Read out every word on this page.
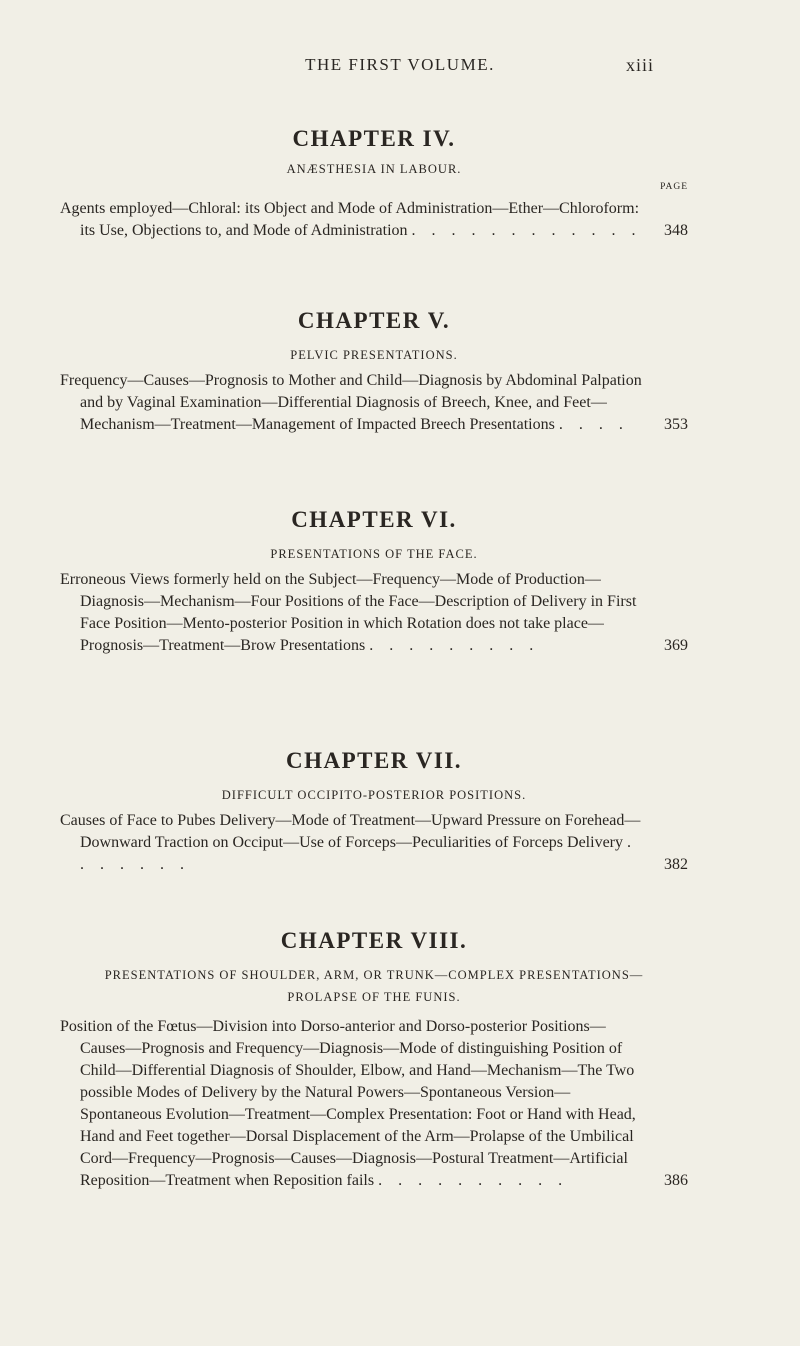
THE FIRST VOLUME.	xiii
CHAPTER IV.
ANÆSTHESIA IN LABOUR.
PAGE

Agents employed—Chloral: its Object and Mode of Administration—Ether—Chloroform: its Use, Objections to, and Mode of Administration . . . . . . . . . . . .	348

CHAPTER V.
PELVIC PRESENTATIONS.

Frequency—Causes—Prognosis to Mother and Child—Diagnosis by Abdominal Palpation and by Vaginal Examination—Differential Diagnosis of Breech, Knee, and Feet—Mechanism—Treatment—Management of Impacted Breech Presentations . . . .	353

CHAPTER VI.
PRESENTATIONS OF THE FACE.

Erroneous Views formerly held on the Subject—Frequency—Mode of Production—Diagnosis—Mechanism—Four Positions of the Face—Description of Delivery in First Face Position—Mento-posterior Position in which Rotation does not take place—Prognosis—Treatment—Brow Presentations . . . . . . . . .	369

CHAPTER VII.
DIFFICULT OCCIPITO-POSTERIOR POSITIONS.

Causes of Face to Pubes Delivery—Mode of Treatment—Upward Pressure on Forehead—Downward Traction on Occiput—Use of Forceps—Peculiarities of Forceps Delivery . . . . . . .	382

CHAPTER VIII.
PRESENTATIONS OF SHOULDER, ARM, OR TRUNK—COMPLEX PRESENTATIONS—PROLAPSE OF THE FUNIS.

Position of the Fœtus—Division into Dorso-anterior and Dorso-posterior Positions—Causes—Prognosis and Frequency—Diagnosis—Mode of distinguishing Position of Child—Differential Diagnosis of Shoulder, Elbow, and Hand—Mechanism—The Two possible Modes of Delivery by the Natural Powers—Spontaneous Version—Spontaneous Evolution—Treatment—Complex Presentation: Foot or Hand with Head, Hand and Feet together—Dorsal Displacement of the Arm—Prolapse of the Umbilical Cord—Frequency—Prognosis—Causes—Diagnosis—Postural Treatment—Artificial Reposition—Treatment when Reposition fails . . . . . . . . . .	386
